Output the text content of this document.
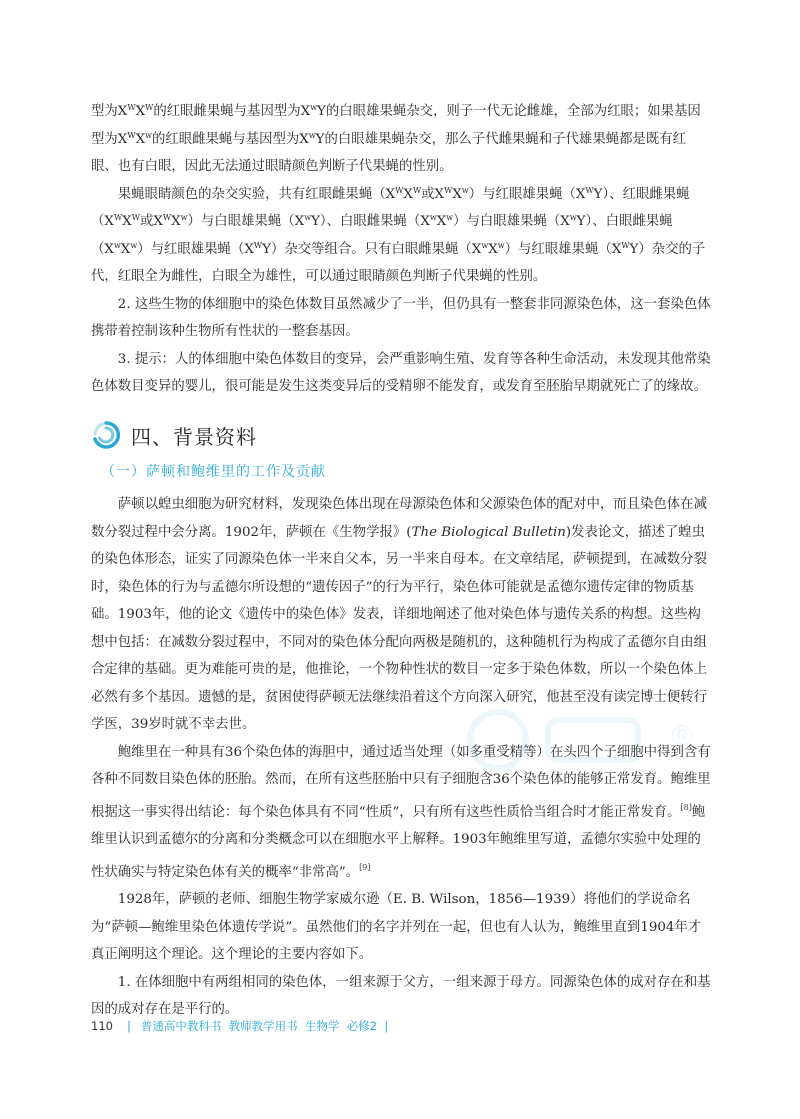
型为$X^WX^W$的红眼雌果蝇与基因型为$X^wY$的白眼雄果蝇杂交，则子一代无论雌雄，全部为红眼；如果基因型为$X^WX^w$的红眼雌果蝇与基因型为$X^wY$的白眼雄果蝇杂交，那么子代雌果蝇和子代雄果蝇都是既有红眼、也有白眼，因此无法通过眼睛颜色判断子代果蝇的性别。

果蝇眼睛颜色的杂交实验，共有红眼雌果蝇（$X^WX^W$或$X^WX^w$）与红眼雄果蝇$(X^WY)$、红眼雌果蝇（$X^WX^W$或$X^WX^w$）与白眼雄果蝇$(X^wY)$、白眼雌果蝇$(X^wX^w)$与白眼雄果蝇$(X^wY)$、白眼雌果蝇$(X^wX^w)$与红眼雄果蝇$(X^WY)$杂交等组合。只有白眼雌果蝇$(X^wX^w)$与红眼雄果蝇$(X^WY)$杂交的子代，红眼全为雌性，白眼全为雄性，可以通过眼睛颜色判断子代果蝇的性别。

2. 这些生物的体细胞中的染色体数目虽然减少了一半，但仍具有一整套非同源染色体，这一套染色体携带着控制该种生物所有性状的一整套基因。

3. 提示：人的体细胞中染色体数目的变异，会严重影响生殖、发育等各种生命活动，未发现其他常染色体数目变异的婴儿，很可能是发生这类变异后的受精卵不能发育，或发育至胚胎早期就死亡了的缘故。

四、背景资料
（一）萨顿和鲍维里的工作及贡献
®

萨顿以蝗虫细胞为研究材料，发现染色体出现在母源染色体和父源染色体的配对中，而且染色体在减数分裂过程中会分离。1902年，萨顿在《生物学报》(The Biological Bulletin)发表论文，描述了蝗虫的染色体形态，证实了同源染色体一半来自父本，另一半来自母本。在文章结尾，萨顿提到，在减数分裂时，染色体的行为与孟德尔所设想的“遗传因子”的行为平行，染色体可能就是孟德尔遗传定律的物质基础。1903年，他的论文《遗传中的染色体》发表，详细地阐述了他对染色体与遗传关系的构想。这些构想中包括：在减数分裂过程中，不同对的染色体分配向两极是随机的，这种随机行为构成了孟德尔自由组合定律的基础。更为难能可贵的是，他推论，一个物种性状的数目一定多于染色体数，所以一个染色体上必然有多个基因。遗憾的是，贫困使得萨顿无法继续沿着这个方向深入研究，他甚至没有读完博士便转行学医，39岁时就不幸去世。

鲍维里在一种具有36个染色体的海胆中，通过适当处理（如多重受精等）在头四个子细胞中得到含有各种不同数目染色体的胚胎。然而，在所有这些胚胎中只有子细胞含36个染色体的能够正常发育。鲍维里根据这一事实得出结论：每个染色体具有不同“性质”，只有所有这些性质恰当组合时才能正常发育。[8]鲍维里认识到孟德尔的分离和分类概念可以在细胞水平上解释。1903年鲍维里写道，孟德尔实验中处理的性状确实与特定染色体有关的概率“非常高”。[9]

1928年，萨顿的老师、细胞生物学家威尔逊（E. B. Wilson，1856—1939）将他们的学说命名为“萨顿—鲍维里染色体遗传学说”。虽然他们的名字并列在一起，但也有人认为，鲍维里直到1904年才真正阐明这个理论。这个理论的主要内容如下。

1. 在体细胞中有两组相同的染色体，一组来源于父方，一组来源于母方。同源染色体的成对存在和基因的成对存在是平行的。

110 | 普通高中教科书  教师教学用书  生物学  必修2  |
